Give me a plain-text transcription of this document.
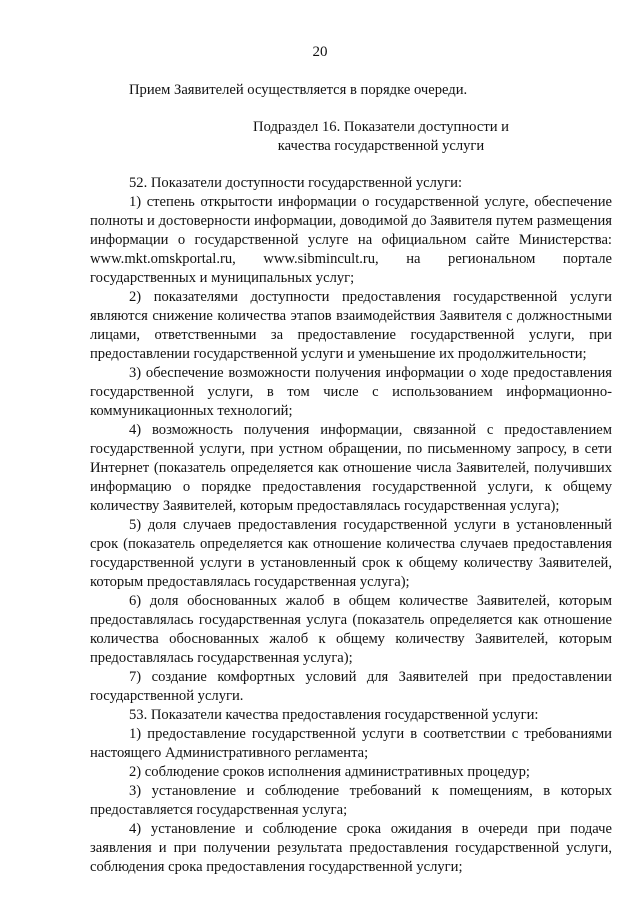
20

Прием Заявителей осуществляется в порядке очереди.

Подраздел 16. Показатели доступности и
качества государственной услуги

52. Показатели доступности государственной услуги:

1) степень открытости информации о государственной услуге, обеспечение полноты и достоверности информации, доводимой до Заявителя путем размещения информации о государственной услуге на официальном сайте Министерства: www.mkt.omskportal.ru, www.sibminсult.ru, на региональном портале государственных и муниципальных услуг;

2) показателями доступности предоставления государственной услуги являются снижение количества этапов взаимодействия Заявителя с должностными лицами, ответственными за предоставление государственной услуги, при предоставлении государственной услуги и уменьшение их продолжительности;

3) обеспечение возможности получения информации о ходе предоставления государственной услуги, в том числе с использованием информационно-коммуникационных технологий;

4) возможность получения информации, связанной с предоставлением государственной услуги, при устном обращении, по письменному запросу, в сети Интернет (показатель определяется как отношение числа Заявителей, получивших информацию о порядке предоставления государственной услуги, к общему количеству Заявителей, которым предоставлялась государственная услуга);

5) доля случаев предоставления государственной услуги в установленный срок (показатель определяется как отношение количества случаев предоставления государственной услуги в установленный срок к общему количеству Заявителей, которым предоставлялась государственная услуга);

6) доля обоснованных жалоб в общем количестве Заявителей, которым предоставлялась государственная услуга (показатель определяется как отношение количества обоснованных жалоб к общему количеству Заявителей, которым предоставлялась государственная услуга);

7) создание комфортных условий для Заявителей при предоставлении государственной услуги.

53. Показатели качества предоставления государственной услуги:

1) предоставление государственной услуги в соответствии с требованиями настоящего Административного регламента;

2) соблюдение сроков исполнения административных процедур;

3) установление и соблюдение требований к помещениям, в которых предоставляется государственная услуга;

4) установление и соблюдение срока ожидания в очереди при подаче заявления и при получении результата предоставления государственной услуги, соблюдения срока предоставления государственной услуги;
